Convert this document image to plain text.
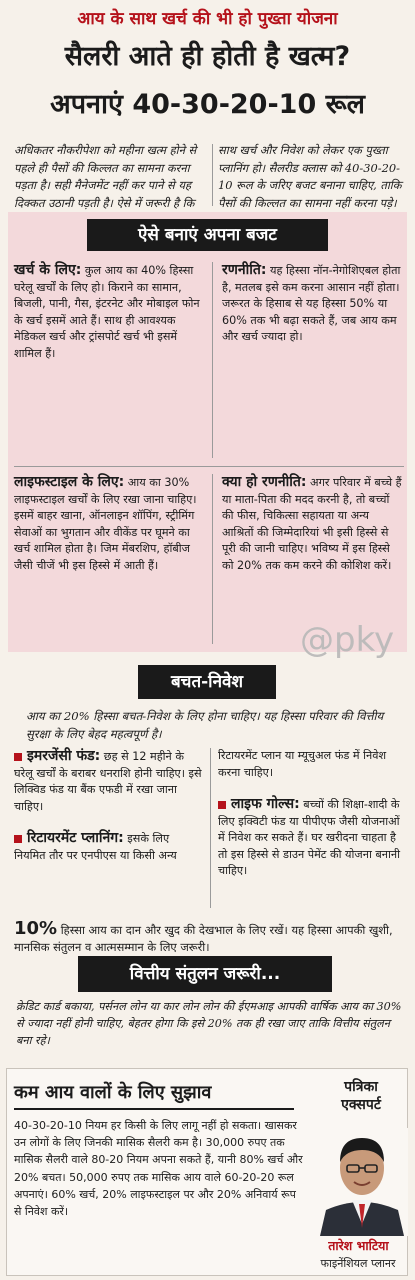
आय के साथ खर्च की भी हो पुख्ता योजना
सैलरी आते ही होती है खत्म?
अपनाएं 40-30-20-10 रूल
अधिकतर नौकरीपेशा को महीना खत्म होने से पहले ही पैसों की किल्लत का सामना करना पड़ता है। सही मैनेजमेंट नहीं कर पाने से यह दिक्कत उठानी पड़ती है। ऐसे में जरूरी है कि
साथ खर्च और निवेश को लेकर एक पुख्ता प्लानिंग हो। सैलरीड क्लास को 40-30-20-10 रूल के जरिए बजट बनाना चाहिए, ताकि पैसों की किल्लत का सामना नहीं करना पड़े।
ऐसे बनाएं अपना बजट
खर्च के लिए: कुल आय का 40% हिस्सा घरेलू खर्चों के लिए हो। किराने का सामान, बिजली, पानी, गैस, इंटरनेट और मोबाइल फोन के खर्च इसमें आते हैं। साथ ही आवश्यक मेडिकल खर्च और ट्रांसपोर्ट खर्च भी इसमें शामिल हैं।
रणनीति: यह हिस्सा नॉन-नेगोशिएबल होता है, मतलब इसे कम करना आसान नहीं होता। जरूरत के हिसाब से यह हिस्सा 50% या 60% तक भी बढ़ा सकते हैं, जब आय कम और खर्च ज्यादा हो।
लाइफस्टाइल के लिए: आय का 30% लाइफस्टाइल खर्चों के लिए रखा जाना चाहिए। इसमें बाहर खाना, ऑनलाइन शॉपिंग, स्ट्रीमिंग सेवाओं का भुगतान और वीकेंड पर घूमने का खर्च शामिल होता है। जिम मेंबरशिप, हॉबीज जैसी चीजें भी इस हिस्से में आती हैं।
क्या हो रणनीति: अगर परिवार में बच्चे हैं या माता-पिता की मदद करनी है, तो बच्चों की फीस, चिकित्सा सहायता या अन्य आश्रितों की जिम्मेदारियां भी इसी हिस्से से पूरी की जानी चाहिए। भविष्य में इस हिस्से को 20% तक कम करने की कोशिश करें।
@pky
बचत-निवेश
आय का 20% हिस्सा बचत-निवेश के लिए होना चाहिए। यह हिस्सा परिवार की वित्तीय सुरक्षा के लिए बेहद महत्वपूर्ण है।
इमरजेंसी फंड: छह से 12 महीने के घरेलू खर्चों के बराबर धनराशि होनी चाहिए। इसे लिक्विड फंड या बैंक एफडी में रखा जाना चाहिए।
रिटायरमेंट प्लानिंग: इसके लिए नियमित तौर पर एनपीएस या किसी अन्य
रिटायरमेंट प्लान या म्यूचुअल फंड में निवेश करना चाहिए।
लाइफ गोल्स: बच्चों की शिक्षा-शादी के लिए इक्विटी फंड या पीपीएफ जैसी योजनाओं में निवेश कर सकते हैं। घर खरीदना चाहता है तो इस हिस्से से डाउन पेमेंट की योजना बनानी चाहिए।
10% हिस्सा आय का दान और खुद की देखभाल के लिए रखें। यह हिस्सा आपकी खुशी, मानसिक संतुलन व आत्मसम्मान के लिए जरूरी।
वित्तीय संतुलन जरूरी...
क्रेडिट कार्ड बकाया, पर्सनल लोन या कार लोन लोन की ईएमआइ आपकी वार्षिक आय का 30% से ज्यादा नहीं होनी चाहिए, बेहतर होगा कि इसे 20% तक ही रखा जाए ताकि वित्तीय संतुलन बना रहे।
कम आय वालों के लिए सुझाव
40-30-20-10 नियम हर किसी के लिए लागू नहीं हो सकता। खासकर उन लोगों के लिए जिनकी मासिक सैलरी कम है। 30,000 रुपए तक मासिक सैलरी वाले 80-20 नियम अपना सकते हैं, यानी 80% खर्च और 20% बचत। 50,000 रुपए तक मासिक आय वाले 60-20-20 रूल अपनाएं। 60% खर्च, 20% लाइफस्टाइल पर और 20% अनिवार्य रूप से निवेश करें।
पत्रिका
एक्सपर्ट
तारेश भाटिया
फाइनेंशियल प्लानर
